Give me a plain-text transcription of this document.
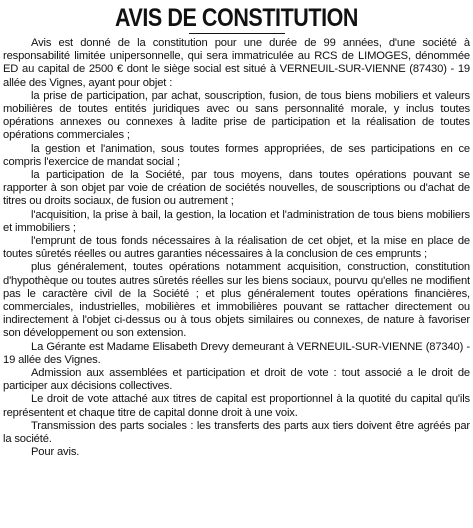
AVIS DE CONSTITUTION

Avis est donné de la constitution pour une durée de 99 années, d'une société à responsabilité limitée unipersonnelle, qui sera immatriculée au RCS de LIMOGES, dénommée ED au capital de 2500 € dont le siège social est situé à VERNEUIL-SUR-VIENNE (87430) - 19 allée des Vignes, ayant pour objet :

la prise de participation, par achat, souscription, fusion, de tous biens mobiliers et valeurs mobilières de toutes entités juridiques avec ou sans personnalité morale, y inclus toutes opérations annexes ou connexes à ladite prise de participation et la réalisation de toutes opérations commerciales ;

la gestion et l'animation, sous toutes formes appropriées, de ses participations en ce compris l'exercice de mandat social ;

la participation de la Société, par tous moyens, dans toutes opérations pouvant se rapporter à son objet par voie de création de sociétés nouvelles, de souscriptions ou d'achat de titres ou droits sociaux, de fusion ou autrement ;

l'acquisition, la prise à bail, la gestion, la location et l'administration de tous biens mobiliers et immobiliers ;

l'emprunt de tous fonds nécessaires à la réalisation de cet objet, et la mise en place de toutes sûretés réelles ou autres garanties nécessaires à la conclusion de ces emprunts ;

plus généralement, toutes opérations notamment acquisition, construction, constitution d'hypothèque ou toutes autres sûretés réelles sur les biens sociaux, pourvu qu'elles ne modifient pas le caractère civil de la Société ; et plus généralement toutes opérations financières, commerciales, industrielles, mobilières et immobilières pouvant se rattacher directement ou indirectement à l'objet ci-dessus ou à tous objets similaires ou connexes, de nature à favoriser son développement ou son extension.

La Gérante est Madame Elisabeth Drevy demeurant à VERNEUIL-SUR-VIENNE (87340) - 19 allée des Vignes.

Admission aux assemblées et participation et droit de vote : tout associé a le droit de participer aux décisions collectives.

Le droit de vote attaché aux titres de capital est proportionnel à la quotité du capital qu'ils représentent et chaque titre de capital donne droit à une voix.

Transmission des parts sociales : les transferts des parts aux tiers doivent être agréés par la société.

Pour avis.
